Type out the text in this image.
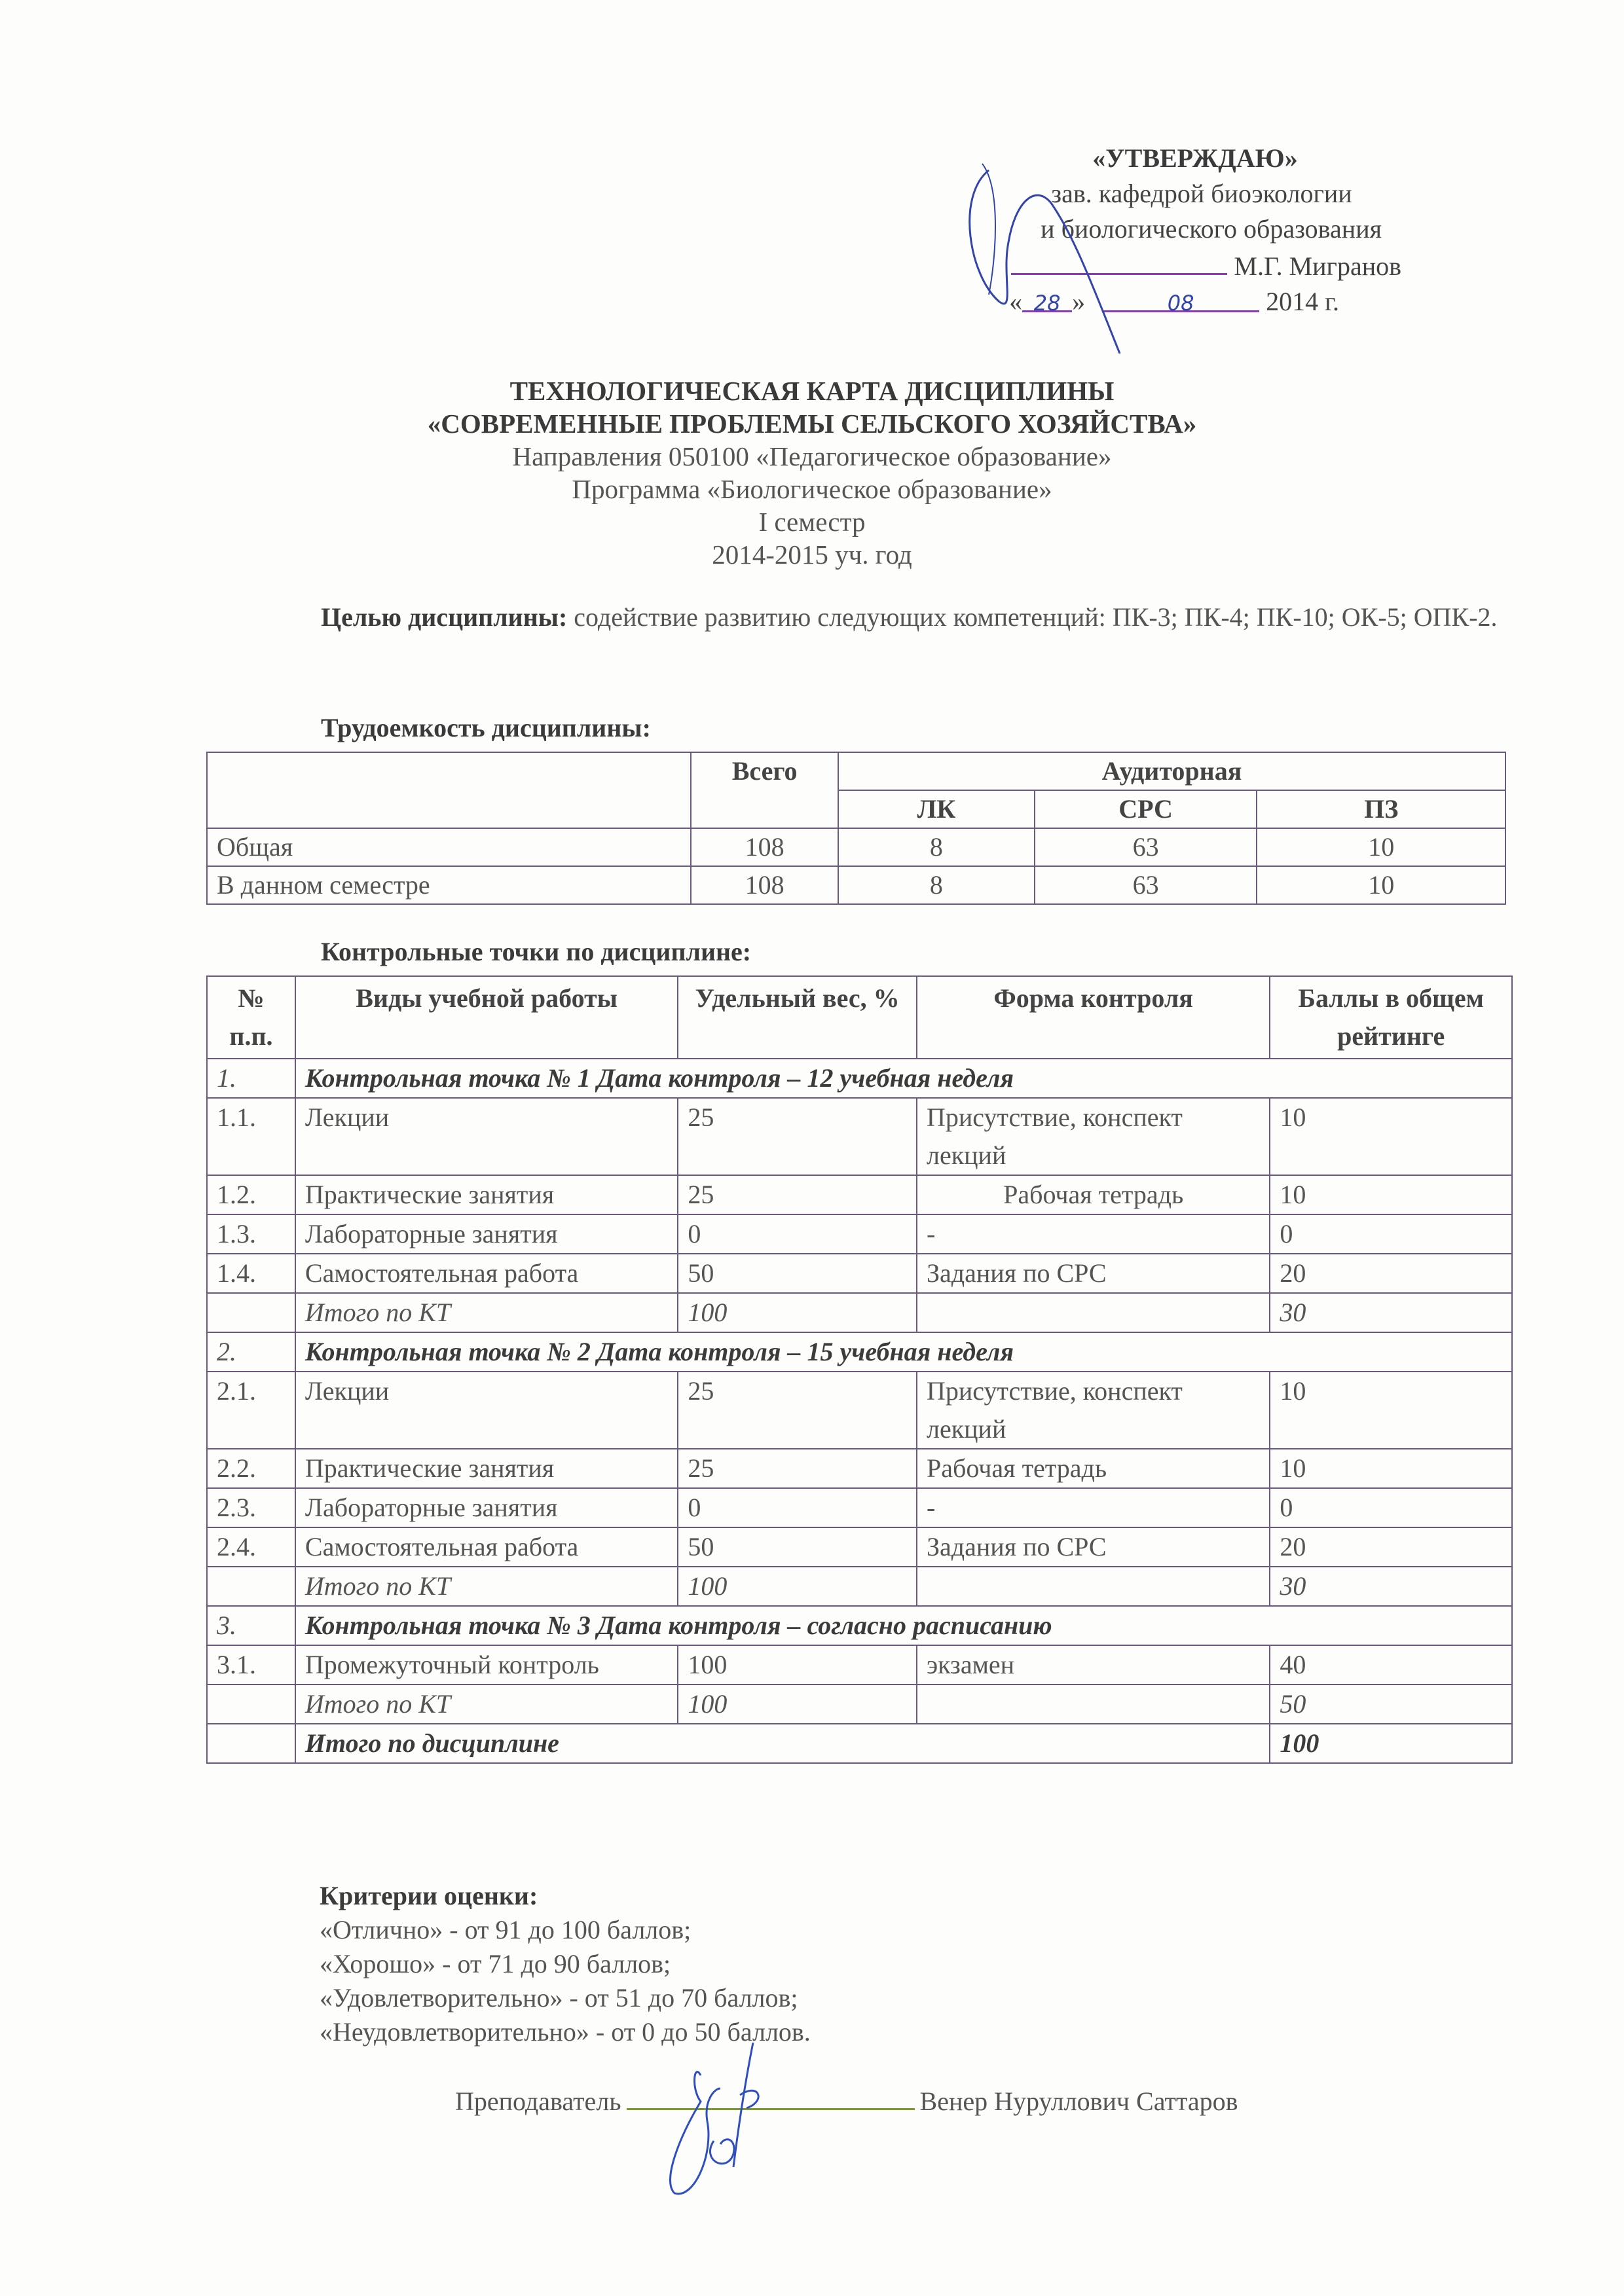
«УТВЕРЖДАЮ»
зав. кафедрой биоэкологии
и биологического образования
М.Г. Мигранов
« 28 »	08	2014 г.
ТЕХНОЛОГИЧЕСКАЯ КАРТА ДИСЦИПЛИНЫ
«СОВРЕМЕННЫЕ ПРОБЛЕМЫ СЕЛЬСКОГО ХОЗЯЙСТВА»
Направления 050100 «Педагогическое образование»
Программа «Биологическое образование»
I семестр
2014-2015 уч. год
Целью дисциплины: содействие развитию следующих компетенций: ПК-3; ПК-4; ПК-10; ОК-5; ОПК-2.
Трудоемкость дисциплины:
	Всего	Аудиторная		
		ЛК	СРС	ПЗ
Общая	108	8	63	10
В данном семестре	108	8	63	10
Контрольные точки по дисциплине:
№ п.п.	Виды учебной работы	Удельный вес, %	Форма контроля	Баллы в общем рейтинге
1.	Контрольная точка № 1 Дата контроля – 12 учебная неделя			
1.1.	Лекции	25	Присутствие, конспект лекций	10
1.2.	Практические занятия	25	Рабочая тетрадь	10
1.3.	Лабораторные занятия	0	-	0
1.4.	Самостоятельная работа	50	Задания по СРС	20
	Итого по КТ	100		30
2.	Контрольная точка № 2 Дата контроля – 15 учебная неделя			
2.1.	Лекции	25	Присутствие, конспект лекций	10
2.2.	Практические занятия	25	Рабочая тетрадь	10
2.3.	Лабораторные занятия	0	-	0
2.4.	Самостоятельная работа	50	Задания по СРС	20
	Итого по КТ	100		30
3.	Контрольная точка № 3 Дата контроля – согласно расписанию			
3.1.	Промежуточный контроль	100	экзамен	40
	Итого по КТ	100		50
	Итого по дисциплине			100
Критерии оценки:
«Отлично» - от 91 до 100 баллов;
«Хорошо» - от 71 до 90 баллов;
«Удовлетворительно» - от 51 до 70 баллов;
«Неудовлетворительно» - от 0 до 50 баллов.
Преподаватель	Венер Нуруллович Саттаров
